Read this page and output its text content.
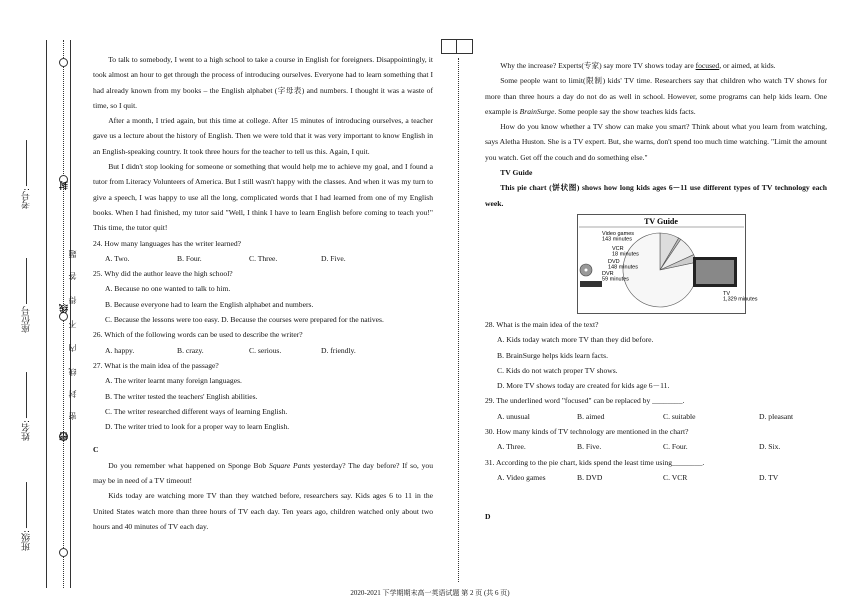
封
线
密
题
答
得
不
内
线
封
密
考号:
座位号
姓名:
班级:

To talk to somebody, I went to a high school to take a course in English for foreigners. Disappointingly, it took almost an hour to get through the process of introducing ourselves. Everyone had to learn something that I had already known from my books – the English alphabet (字母表) and numbers. I thought it was a waste of time, so I quit.

After a month, I tried again, but this time at college. After 15 minutes of introducing ourselves, a teacher gave us a lecture about the history of English. Then we were told that it was very important to know English in an English-speaking country. It took three hours for the teacher to tell us this. Again, I quit.

But I didn't stop looking for someone or something that would help me to achieve my goal, and I found a tutor from Literacy Volunteers of America. But I still wasn't happy with the classes. And when it was my turn to give a speech, I was happy to use all the long, complicated words that I had learned from one of my English books. When I had finished, my tutor said "Well, I think I have to learn English before coming to teach you!" This time, the tutor quit!

24. How many languages has the writer learned?

A. Two.	B. Four.	C. Three.	D. Five.

25. Why did the author leave the high school?

A. Because no one wanted to talk to him.

B. Because everyone had to learn the English alphabet and numbers.

C. Because the lessons were too easy. D. Because the courses were prepared for the natives.

26. Which of the following words can be used to describe the writer?

A. happy.	B. crazy.	C. serious.	D. friendly.

27. What is the main idea of the passage?

A. The writer learnt many foreign languages.

B. The writer tested the teachers' English abilities.

C. The writer researched different ways of learning English.

D. The writer tried to look for a proper way to learn English.

C

Do you remember what happened on Sponge Bob Square Pants yesterday? The day before? If so, you may be in need of a TV timeout!

Kids today are watching more TV than they watched before, researchers say. Kids ages 6 to 11 in the United States watch more than three hours of TV each day. Ten years ago, children watched only about two hours and 40 minutes of TV each day.

Why the increase? Experts(专家) say more TV shows today are focused, or aimed, at kids.

Some people want to limit(限制) kids' TV time. Researchers say that children who watch TV shows for more than three hours a day do not do as well in school. However, some programs can help kids learn. One example is BrainSurge. Some people say the show teaches kids facts.

How do you know whether a TV show can make you smart? Think about what you learn from watching, says Aletha Huston. She is a TV expert. But, she warns, don't spend too much time watching. "Limit the amount you watch. Get off the couch and do something else."

TV Guide

This pie chart (饼状图) shows how long kids ages 6－11 use different types of TV technology each week.

TV Guide
Video games
143 minutes
VCR
18 minutes
DVD
148 minutes
DVR
59 minutes
TV
1,329 minutes

28. What is the main idea of the text?

A. Kids today watch more TV than they did before.

B. BrainSurge helps kids learn facts.

C. Kids do not watch proper TV shows.

D. More TV shows today are created for kids age 6－11.

29. The underlined word "focused" can be replaced by ________.

A. unusual	B. aimed	C. suitable	D. pleasant

30. How many kinds of TV technology are mentioned in the chart?

A. Three.	B. Five.	C. Four.	D. Six.

31. According to the pie chart, kids spend the least time using________.

A. Video games	B. DVD	C. VCR	D. TV

D

2020-2021 下学期期末高一英语试题 第 2 页 (共 6 页)
